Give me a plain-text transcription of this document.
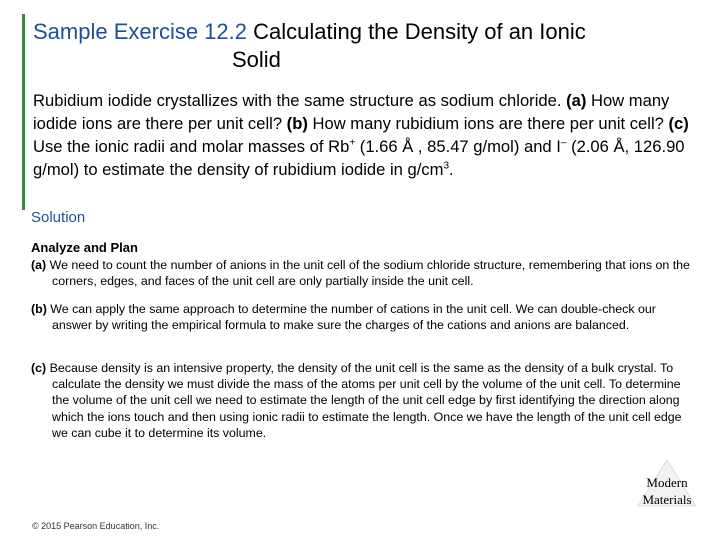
Sample Exercise 12.2 Calculating the Density of an Ionic
Solid
Rubidium iodide crystallizes with the same structure as sodium chloride. (a) How many iodide ions are there per unit cell? (b) How many rubidium ions are there per unit cell? (c) Use the ionic radii and molar masses of Rb+ (1.66 Å , 85.47 g/mol) and I– (2.06 Å, 126.90 g/mol) to estimate the density of rubidium iodide in $g/cm^3$.
Solution
Analyze and Plan
(a) We need to count the number of anions in the unit cell of the sodium chloride structure, remembering that ions on the corners, edges, and faces of the unit cell are only partially inside the unit cell.
(b) We can apply the same approach to determine the number of cations in the unit cell. We can double-check our answer by writing the empirical formula to make sure the charges of the cations and anions are balanced.
(c) Because density is an intensive property, the density of the unit cell is the same as the density of a bulk crystal. To calculate the density we must divide the mass of the atoms per unit cell by the volume of the unit cell. To determine the volume of the unit cell we need to estimate the length of the unit cell edge by first identifying the direction along which the ions touch and then using ionic radii to estimate the length. Once we have the length of the unit cell edge we can cube it to determine its volume.
Modern
Materials
© 2015 Pearson Education, Inc.
